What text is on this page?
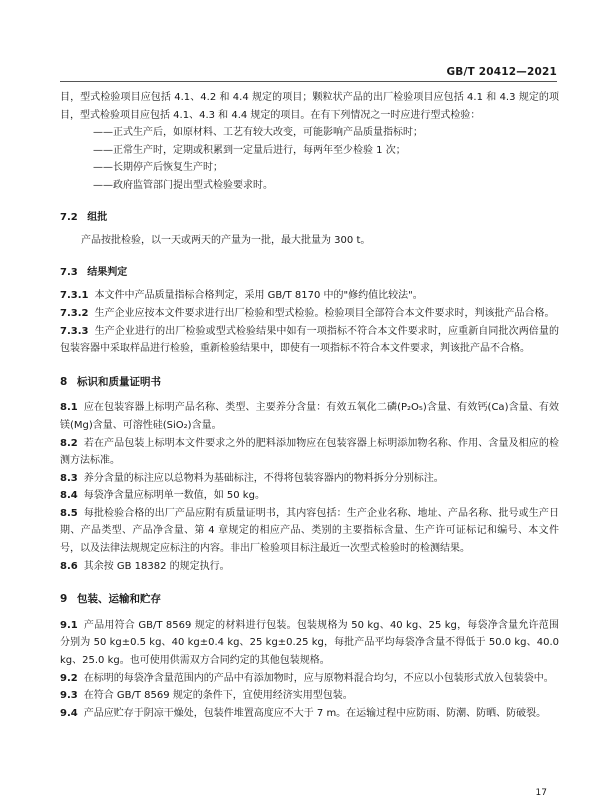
GB/T 20412—2021

目，型式检验项目应包括 4.1、4.2 和 4.4 规定的项目；颗粒状产品的出厂检验项目应包括 4.1 和 4.3 规定的项目，型式检验项目应包括 4.1、4.3 和 4.4 规定的项目。在有下列情况之一时应进行型式检验：

——正式生产后，如原材料、工艺有较大改变，可能影响产品质量指标时；

——正常生产时，定期或积累到一定量后进行，每两年至少检验 1 次；

——长期停产后恢复生产时；

——政府监管部门提出型式检验要求时。

7.2 组批

产品按批检验，以一天或两天的产量为一批，最大批量为 300 t。

7.3 结果判定

7.3.1 本文件中产品质量指标合格判定，采用 GB/T 8170 中的"修约值比较法"。

7.3.2 生产企业应按本文件要求进行出厂检验和型式检验。检验项目全部符合本文件要求时，判该批产品合格。

7.3.3 生产企业进行的出厂检验或型式检验结果中如有一项指标不符合本文件要求时，应重新自同批次两倍量的包装容器中采取样品进行检验，重新检验结果中，即使有一项指标不符合本文件要求，判该批产品不合格。

8 标识和质量证明书

8.1 应在包装容器上标明产品名称、类型、主要养分含量：有效五氧化二磷(P₂O₅)含量、有效钙(Ca)含量、有效镁(Mg)含量、可溶性硅(SiO₂)含量。

8.2 若在产品包装上标明本文件要求之外的肥料添加物应在包装容器上标明添加物名称、作用、含量及相应的检测方法标准。

8.3 养分含量的标注应以总物料为基础标注，不得将包装容器内的物料拆分分别标注。

8.4 每袋净含量应标明单一数值，如 50 kg。

8.5 每批检验合格的出厂产品应附有质量证明书，其内容包括：生产企业名称、地址、产品名称、批号或生产日期、产品类型、产品净含量、第 4 章规定的相应产品、类别的主要指标含量、生产许可证标记和编号、本文件号，以及法律法规规定应标注的内容。非出厂检验项目标注最近一次型式检验时的检测结果。

8.6 其余按 GB 18382 的规定执行。

9 包装、运输和贮存

9.1 产品用符合 GB/T 8569 规定的材料进行包装。包装规格为 50 kg、40 kg、25 kg，每袋净含量允许范围分别为 50 kg±0.5 kg、40 kg±0.4 kg、25 kg±0.25 kg，每批产品平均每袋净含量不得低于 50.0 kg、40.0 kg、25.0 kg。也可使用供需双方合同约定的其他包装规格。

9.2 在标明的每袋净含量范围内的产品中有添加物时，应与原物料混合均匀，不应以小包装形式放入包装袋中。

9.3 在符合 GB/T 8569 规定的条件下，宜使用经济实用型包装。

9.4 产品应贮存于阴凉干燥处，包装件堆置高度应不大于 7 m。在运输过程中应防雨、防潮、防晒、防破裂。

17
